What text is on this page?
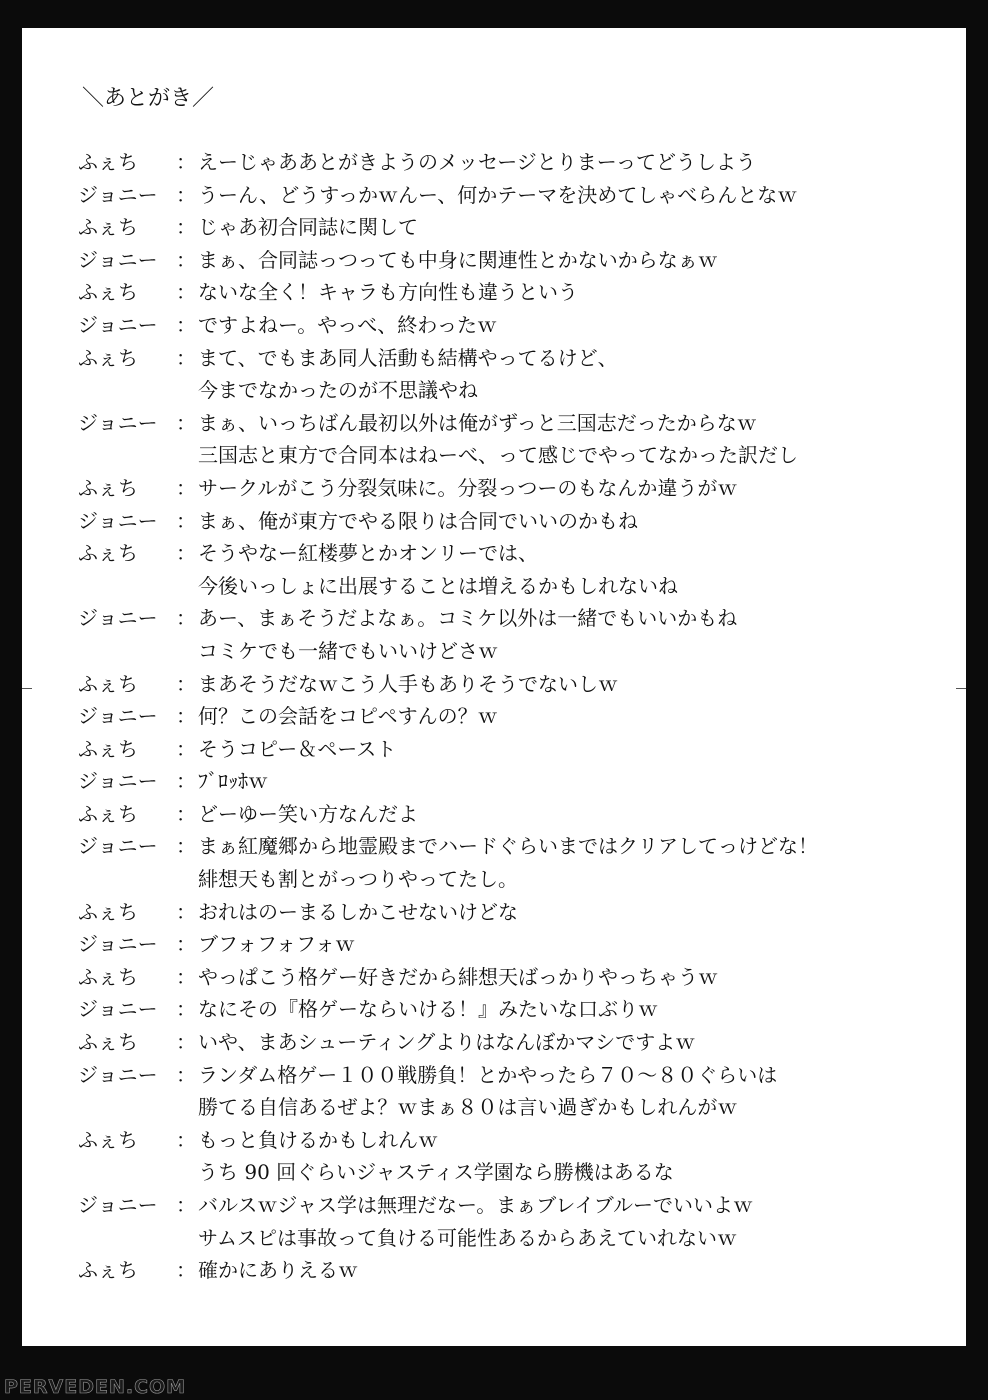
＼あとがき／
ふぇち	： えーじゃああとがきようのメッセージとりまーってどうしよう
ジョニー ： うーん、どうすっかｗんー、何かテーマを決めてしゃべらんとなｗ
ふぇち	： じゃあ初合同誌に関して
ジョニー ： まぁ、合同誌っつっても中身に関連性とかないからなぁｗ
ふぇち	： ないな全く！キャラも方向性も違うという
ジョニー ： ですよねー。やっべ、終わったｗ
ふぇち	： まて、でもまあ同人活動も結構やってるけど、
今までなかったのが不思議やね
ジョニー ： まぁ、いっちばん最初以外は俺がずっと三国志だったからなｗ
三国志と東方で合同本はねーべ、って感じでやってなかった訳だし
ふぇち	： サークルがこう分裂気味に。分裂っつーのもなんか違うがｗ
ジョニー ： まぁ、俺が東方でやる限りは合同でいいのかもね
ふぇち	： そうやなー紅楼夢とかオンリーでは、
今後いっしょに出展することは増えるかもしれないね
ジョニー ： あー、まぁそうだよなぁ。コミケ以外は一緒でもいいかもね
コミケでも一緒でもいいけどさｗ
ふぇち	： まあそうだなｗこう人手もありそうでないしｗ
ジョニー ： 何？この会話をコピペすんの？ｗ
ふぇち	： そうコピー＆ペースト
ジョニー ： ﾌﾞﾛｯﾎｗ
ふぇち	： どーゆー笑い方なんだよ
ジョニー ： まぁ紅魔郷から地霊殿までハードぐらいまではクリアしてっけどな！
緋想天も割とがっつりやってたし。
ふぇち	： おれはのーまるしかこせないけどな
ジョニー ： ブフォフォフォｗ
ふぇち	： やっぱこう格ゲー好きだから緋想天ばっかりやっちゃうｗ
ジョニー ： なにその『格ゲーならいける！』みたいな口ぶりｗ
ふぇち	： いや、まあシューティングよりはなんぼかマシですよｗ
ジョニー ： ランダム格ゲー１００戦勝負！とかやったら７０～８０ぐらいは
勝てる自信あるぜよ？ｗまぁ８０は言い過ぎかもしれんがｗ
ふぇち	： もっと負けるかもしれんｗ
うち 90 回ぐらいジャスティス学園なら勝機はあるな
ジョニー ： バルスｗジャス学は無理だなー。まぁブレイブルーでいいよｗ
サムスピは事故って負ける可能性あるからあえていれないｗ
ふぇち	： 確かにありえるｗ
PERVEDEN.COM
